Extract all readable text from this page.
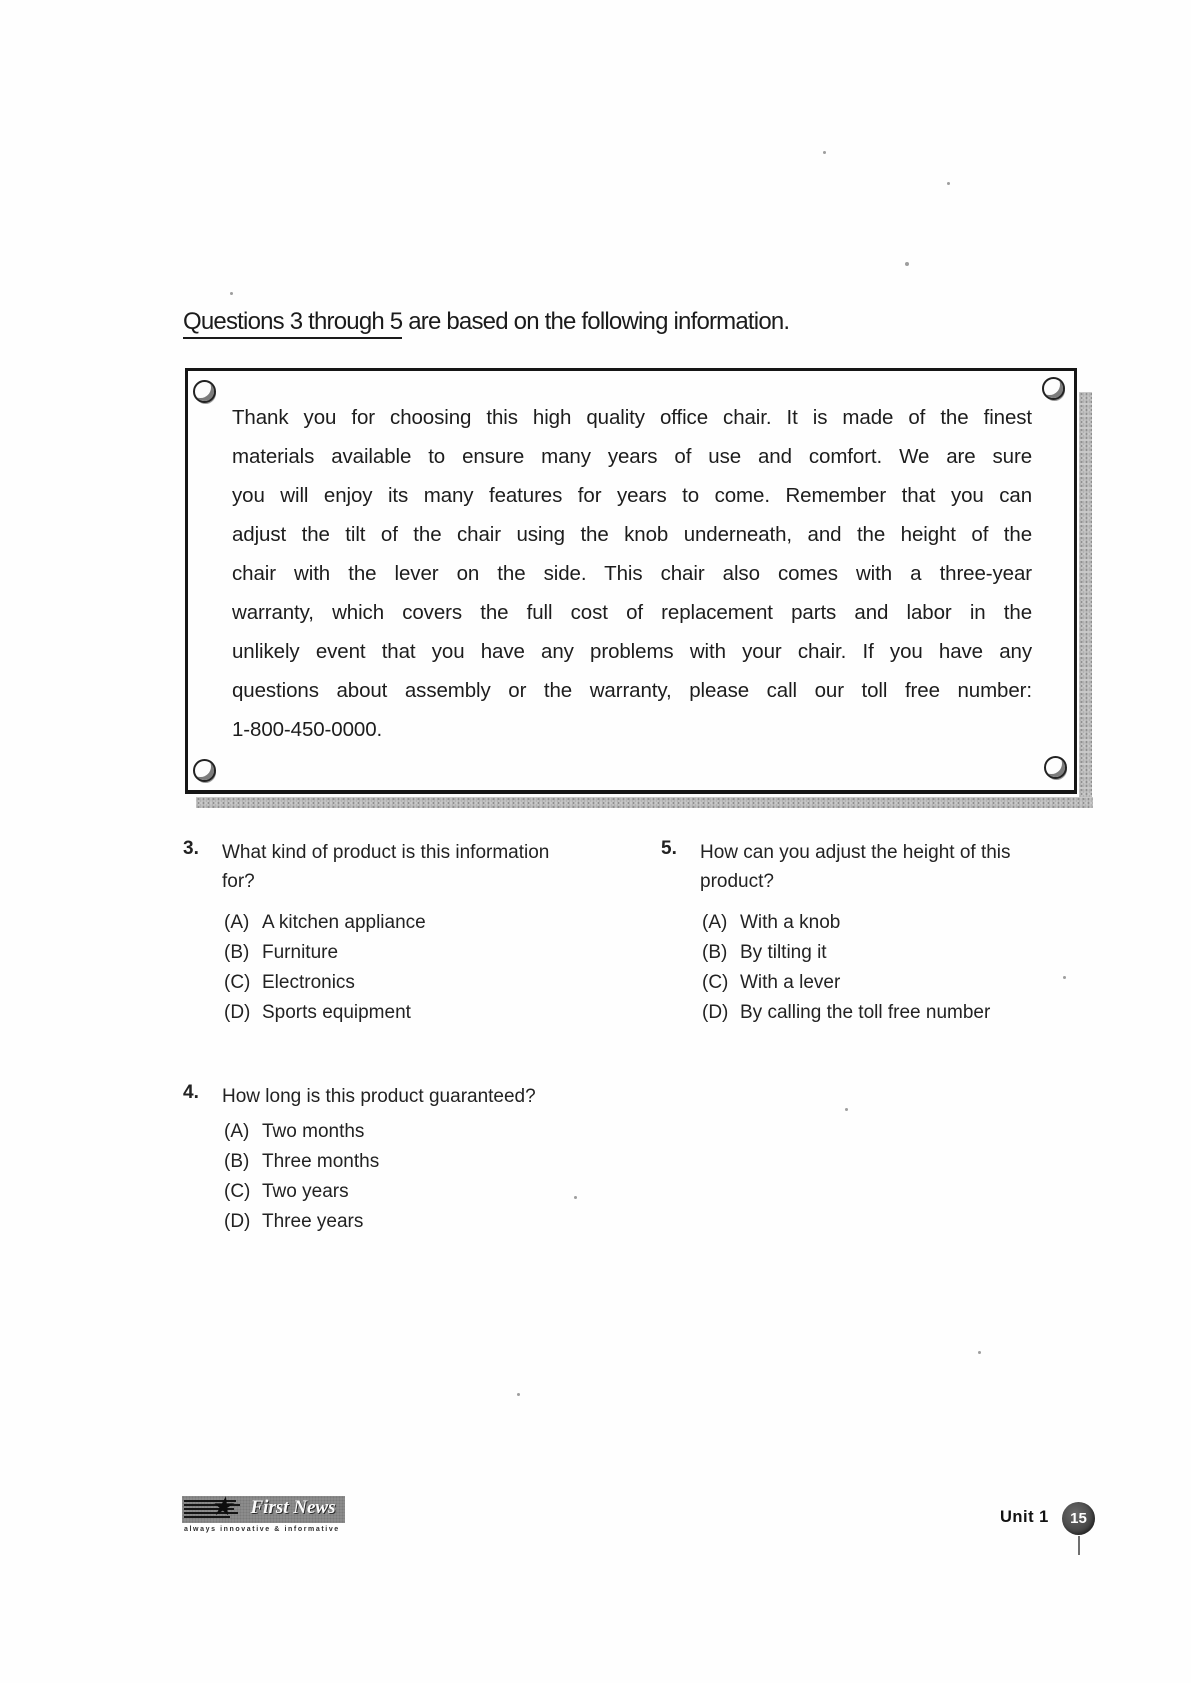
Questions 3 through 5 are based on the following information.
Thank you for choosing this high quality office chair. It is made of the finest
materials available to ensure many years of use and comfort. We are sure
you will enjoy its many features for years to come. Remember that you can
adjust the tilt of the chair using the knob underneath, and the height of the
chair with the lever on the side. This chair also comes with a three-year
warranty, which covers the full cost of replacement parts and labor in the
unlikely event that you have any problems with your chair. If you have any
questions about assembly or the warranty, please call our toll free number:
1-800-450-0000.
3. What kind of product is this information for?
(A) A kitchen appliance
(B) Furniture
(C) Electronics
(D) Sports equipment
5. How can you adjust the height of this product?
(A) With a knob
(B) By tilting it
(C) With a lever
(D) By calling the toll free number
4. How long is this product guaranteed?
(A) Two months
(B) Three months
(C) Two years
(D) Three years
★ First News
always innovative & informative
Unit 1	15
